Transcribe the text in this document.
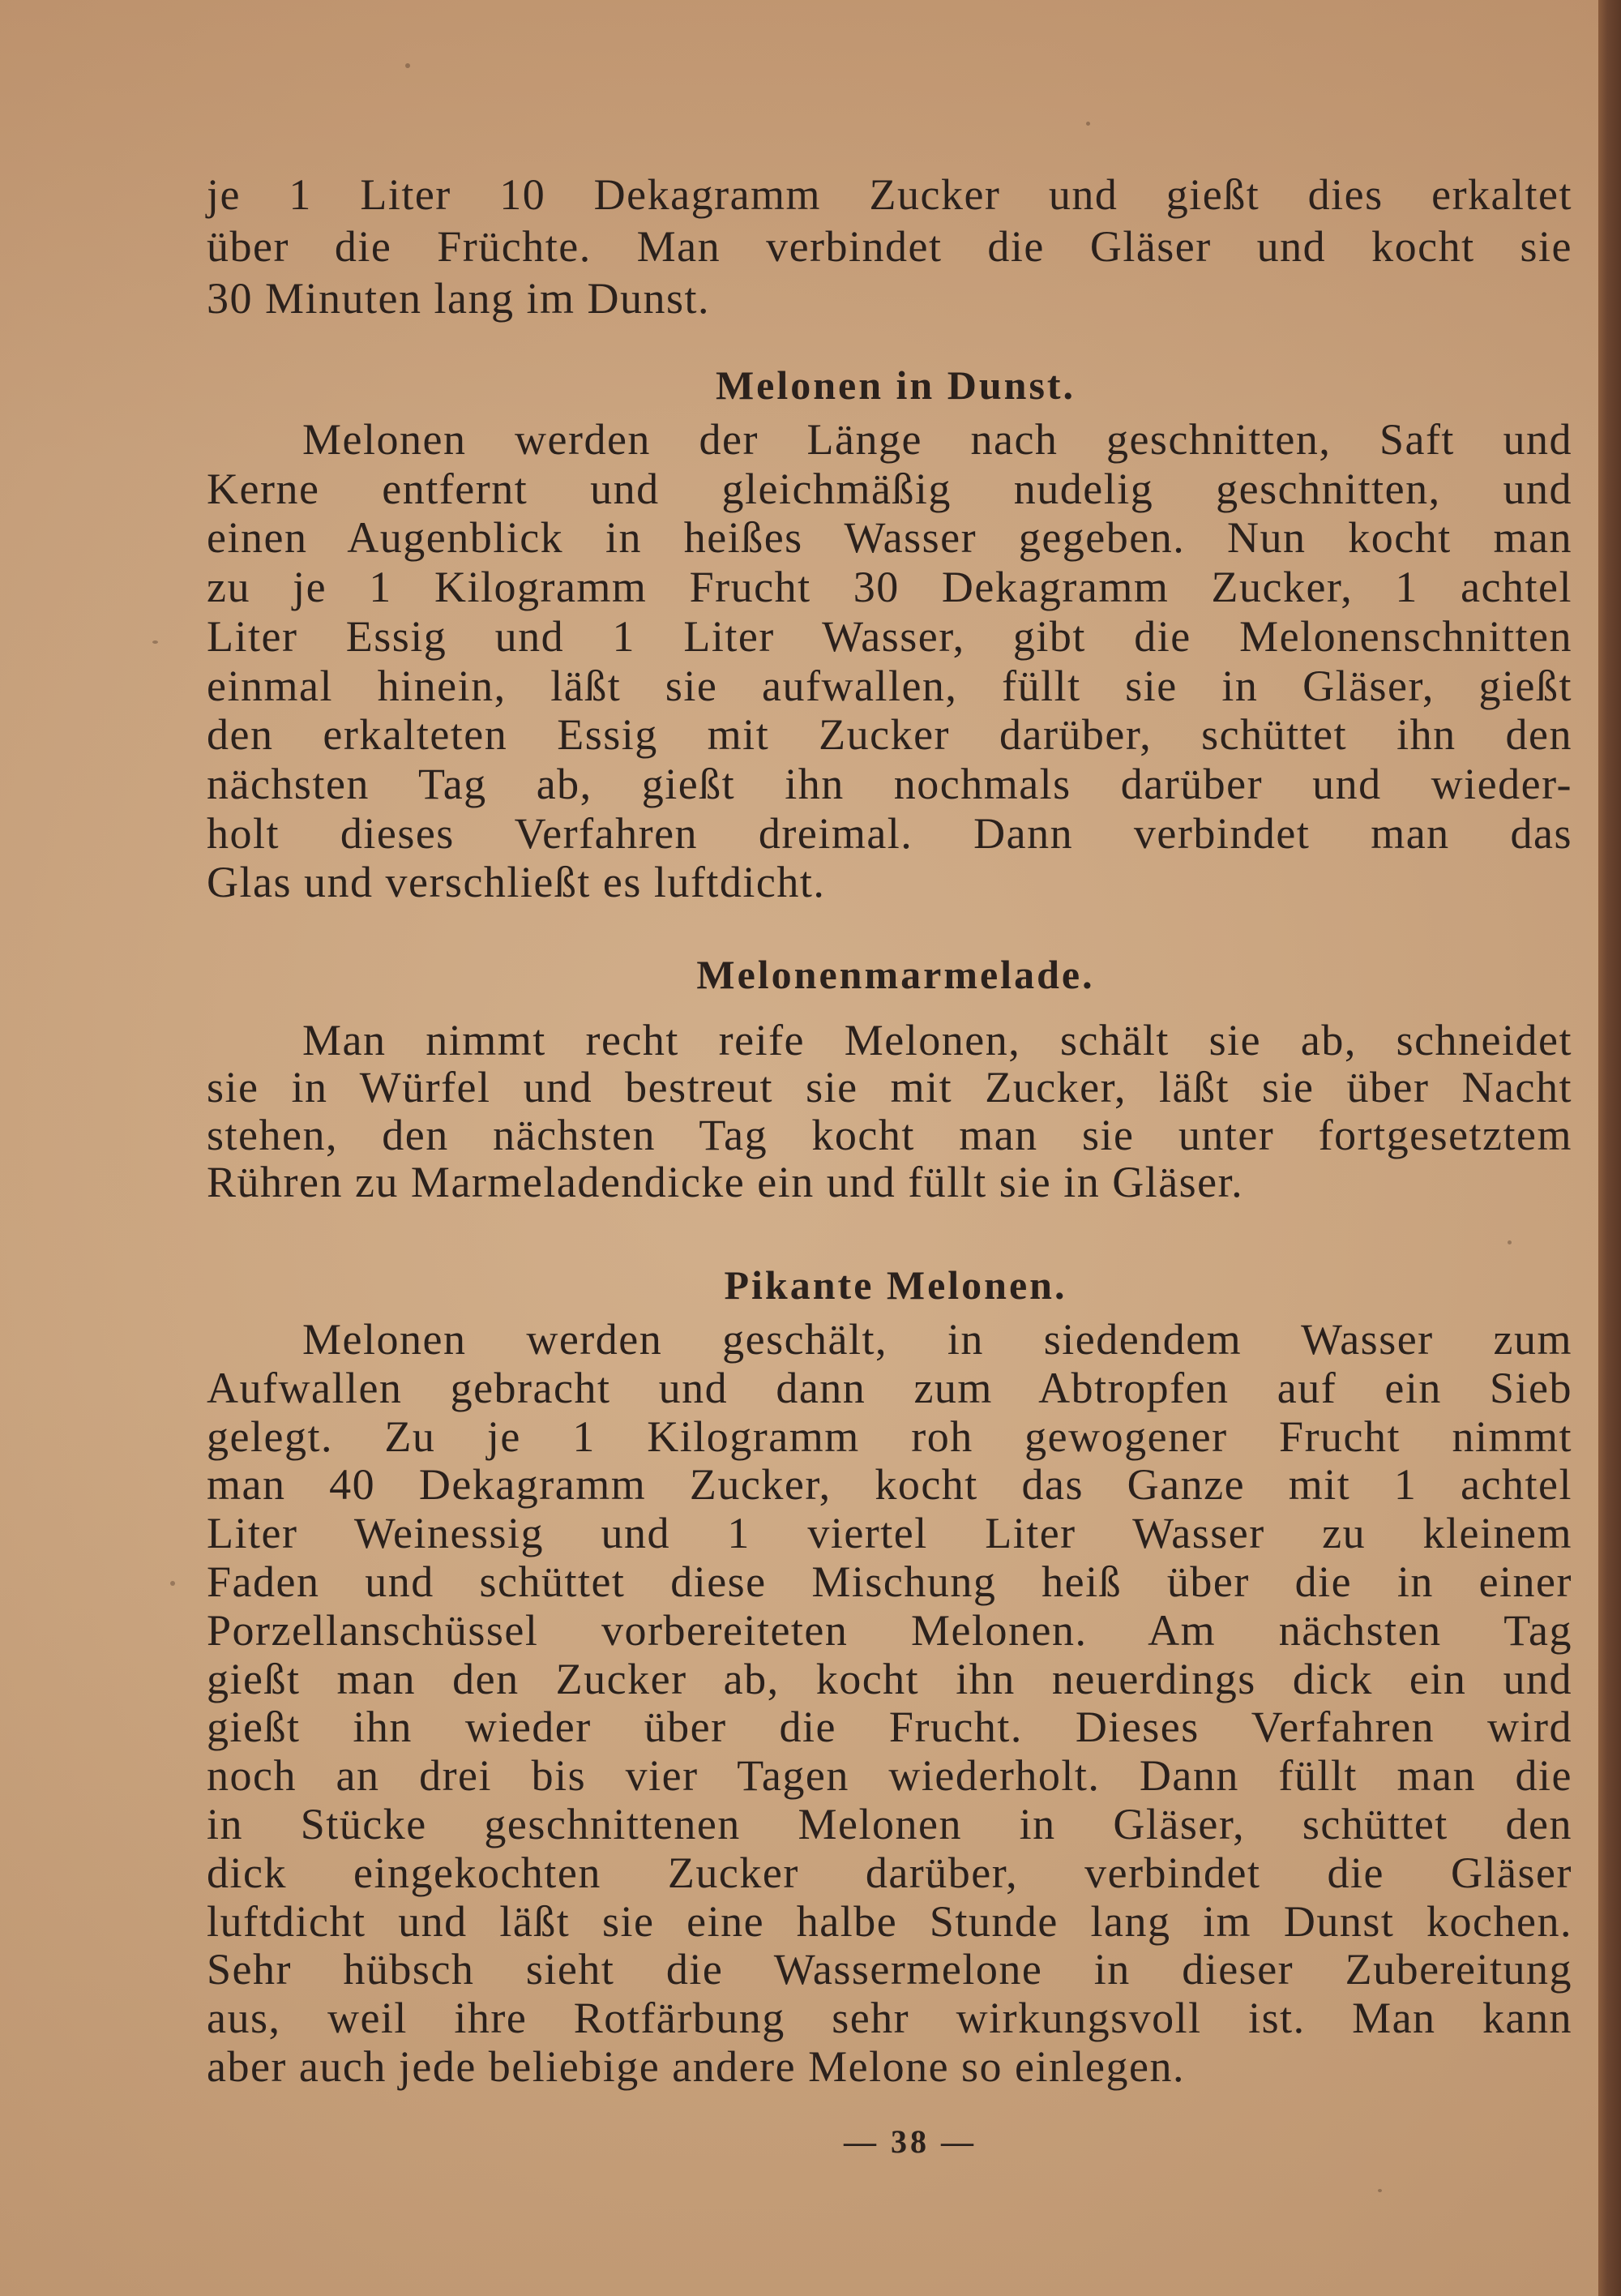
je 1 Liter 10 Dekagramm Zucker und gießt dies erkaltet
über die Früchte. Man verbindet die Gläser und kocht sie
30 Minuten lang im Dunst.
Melonen in Dunst.
Melonen werden der Länge nach geschnitten, Saft und
Kerne entfernt und gleichmäßig nudelig geschnitten, und
einen Augenblick in heißes Wasser gegeben. Nun kocht man
zu je 1 Kilogramm Frucht 30 Dekagramm Zucker, 1 achtel
Liter Essig und 1 Liter Wasser, gibt die Melonenschnitten
einmal hinein, läßt sie aufwallen, füllt sie in Gläser, gießt
den erkalteten Essig mit Zucker darüber, schüttet ihn den
nächsten Tag ab, gießt ihn nochmals darüber und wieder-
holt dieses Verfahren dreimal. Dann verbindet man das
Glas und verschließt es luftdicht.
Melonenmarmelade.
Man nimmt recht reife Melonen, schält sie ab, schneidet
sie in Würfel und bestreut sie mit Zucker, läßt sie über Nacht
stehen, den nächsten Tag kocht man sie unter fortgesetztem
Rühren zu Marmeladendicke ein und füllt sie in Gläser.
Pikante Melonen.
Melonen werden geschält, in siedendem Wasser zum
Aufwallen gebracht und dann zum Abtropfen auf ein Sieb
gelegt. Zu je 1 Kilogramm roh gewogener Frucht nimmt
man 40 Dekagramm Zucker, kocht das Ganze mit 1 achtel
Liter Weinessig und 1 viertel Liter Wasser zu kleinem
Faden und schüttet diese Mischung heiß über die in einer
Porzellanschüssel vorbereiteten Melonen. Am nächsten Tag
gießt man den Zucker ab, kocht ihn neuerdings dick ein und
gießt ihn wieder über die Frucht. Dieses Verfahren wird
noch an drei bis vier Tagen wiederholt. Dann füllt man die
in Stücke geschnittenen Melonen in Gläser, schüttet den
dick eingekochten Zucker darüber, verbindet die Gläser
luftdicht und läßt sie eine halbe Stunde lang im Dunst kochen.
Sehr hübsch sieht die Wassermelone in dieser Zubereitung
aus, weil ihre Rotfärbung sehr wirkungsvoll ist. Man kann
aber auch jede beliebige andere Melone so einlegen.
— 38 —
